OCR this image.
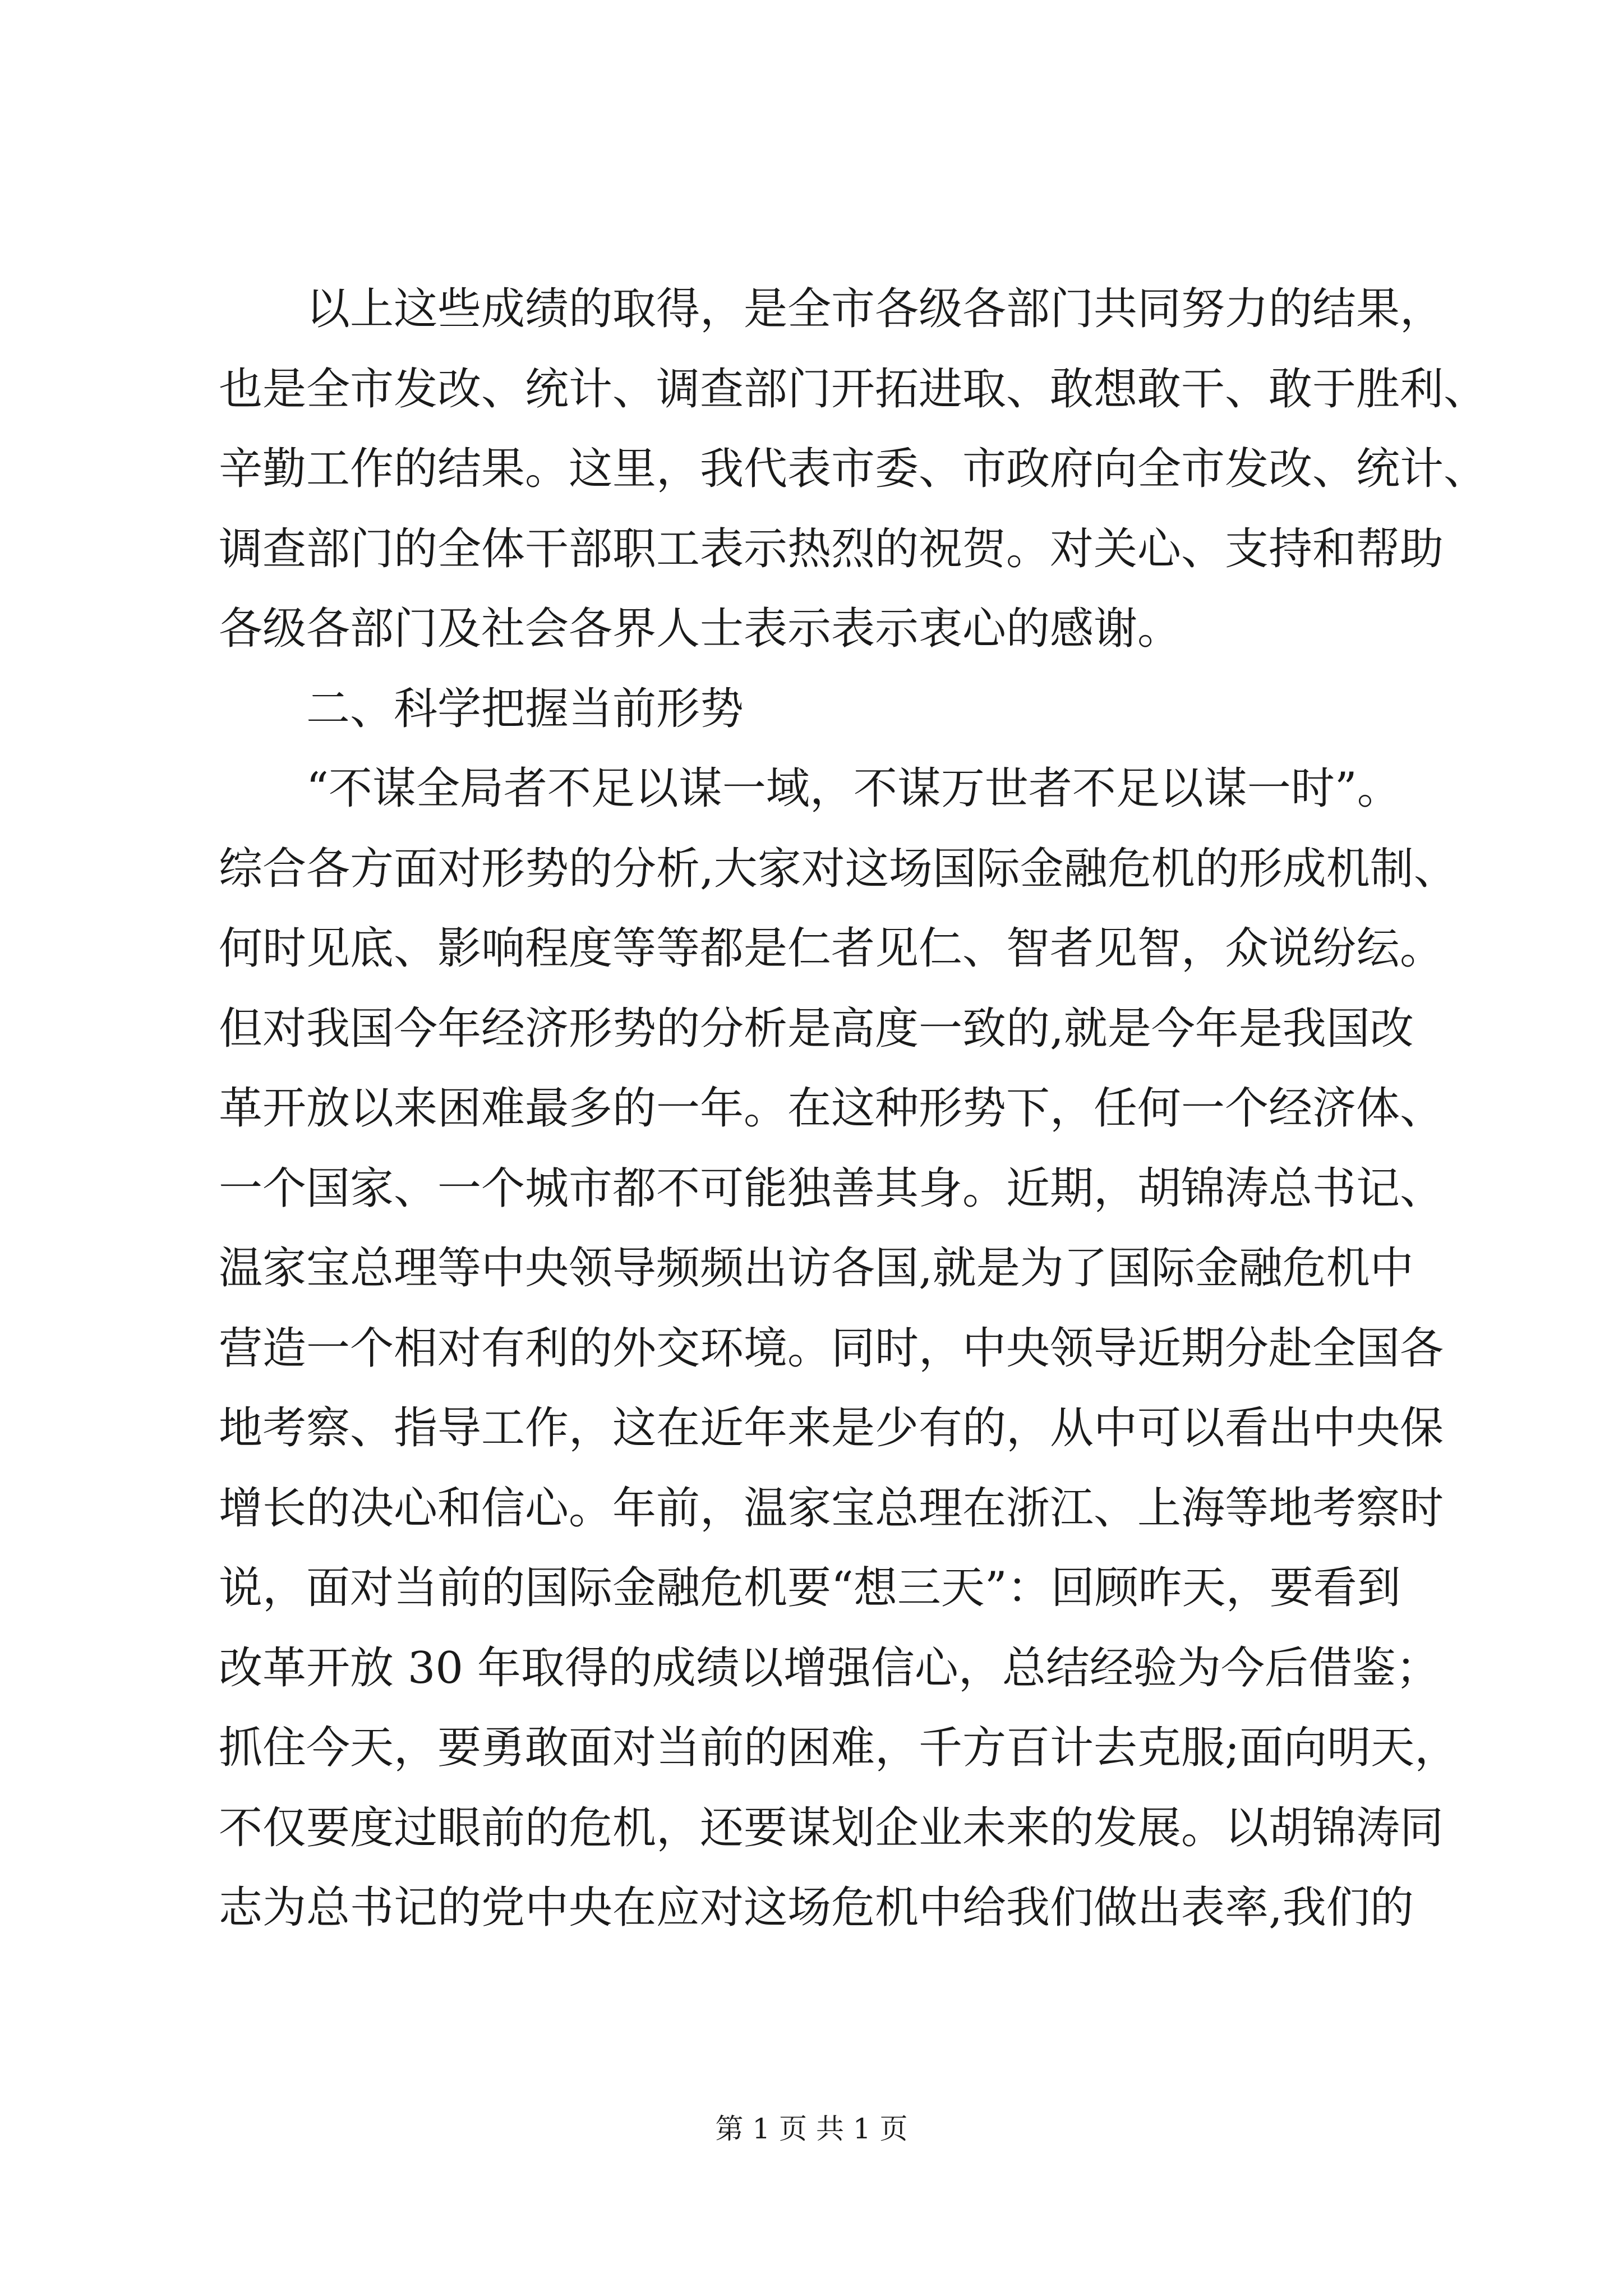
　　以上这些成绩的取得，是全市各级各部门共同努力的结果，
也是全市发改、统计、调查部门开拓进取、敢想敢干、敢于胜利、
辛勤工作的结果。这里，我代表市委、市政府向全市发改、统计、
调查部门的全体干部职工表示热烈的祝贺。对关心、支持和帮助
各级各部门及社会各界人士表示表示衷心的感谢。
　　二、科学把握当前形势
　　“不谋全局者不足以谋一域，不谋万世者不足以谋一时”。
综合各方面对形势的分析,大家对这场国际金融危机的形成机制、
何时见底、影响程度等等都是仁者见仁、智者见智，众说纷纭。
但对我国今年经济形势的分析是高度一致的,就是今年是我国改
革开放以来困难最多的一年。在这种形势下，任何一个经济体、
一个国家、一个城市都不可能独善其身。近期，胡锦涛总书记、
温家宝总理等中央领导频频出访各国,就是为了国际金融危机中
营造一个相对有利的外交环境。同时，中央领导近期分赴全国各
地考察、指导工作，这在近年来是少有的，从中可以看出中央保
增长的决心和信心。年前，温家宝总理在浙江、上海等地考察时
说，面对当前的国际金融危机要“想三天”：回顾昨天，要看到
改革开放 30 年取得的成绩以增强信心，总结经验为今后借鉴；
抓住今天，要勇敢面对当前的困难，千方百计去克服;面向明天，
不仅要度过眼前的危机，还要谋划企业未来的发展。以胡锦涛同
志为总书记的党中央在应对这场危机中给我们做出表率,我们的
第 1 页 共 1 页
